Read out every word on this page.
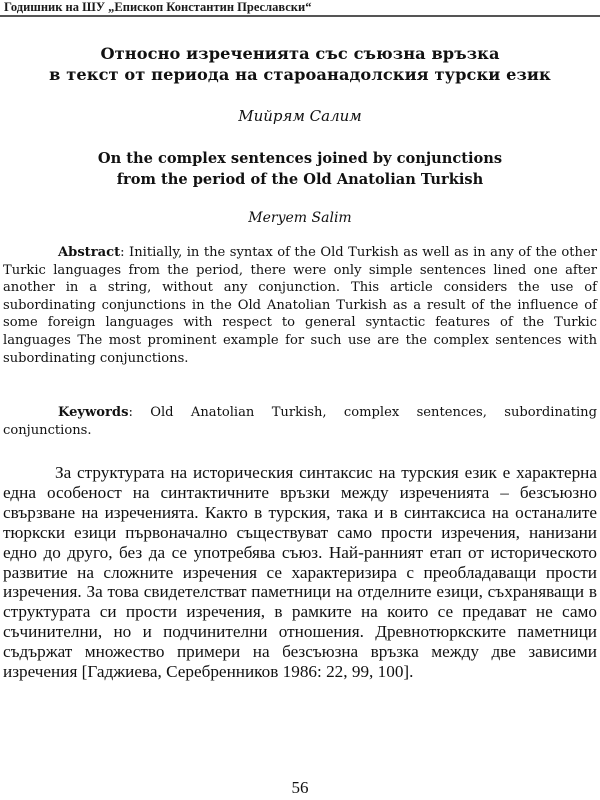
Годишник на ШУ „Епископ Константин Преславски“
Относно изреченията със съюзна връзка
в текст от периода на староанадолския турски език
Мийрям Салим
On the complex sentences joined by conjunctions
from the period of the Old Anatolian Turkish
Meryem Salim
Abstract: Initially, in the syntax of the Old Turkish as well as in any of the other Turkic languages from the period, there were only simple sentences lined one after another in a string, without any conjunction. This article considers the use of subordinating conjunctions in the Old Anatolian Turkish as a result of the influence of some foreign languages with respect to general syntactic features of the Turkic languages The most prominent example for such use are the complex sentences with subordinating conjunctions.
Keywords: Old Anatolian Turkish, complex sentences, subordinating conjunctions.
За структурата на историческия синтаксис на турския език е характерна една особеност на синтактичните връзки между изреченията – безсъюзно свързване на изреченията. Както в турския, така и в синтаксиса на останалите тюркски езици първоначално съществуват само прости изречения, нанизани едно до друго, без да се употребява съюз. Най-ранният етап от историческото развитие на сложните изречения се характеризира с преобладаващи прости изречения. За това свидетелстват паметници на отделните езици, съхраняващи в структурата си прости изречения, в рамките на които се предават не само съчинителни, но и подчинителни отношения. Древнотюркските паметници съдържат множество примери на безсъюзна връзка между две зависими изречения [Гаджиева, Серебренников 1986: 22, 99, 100].
56
